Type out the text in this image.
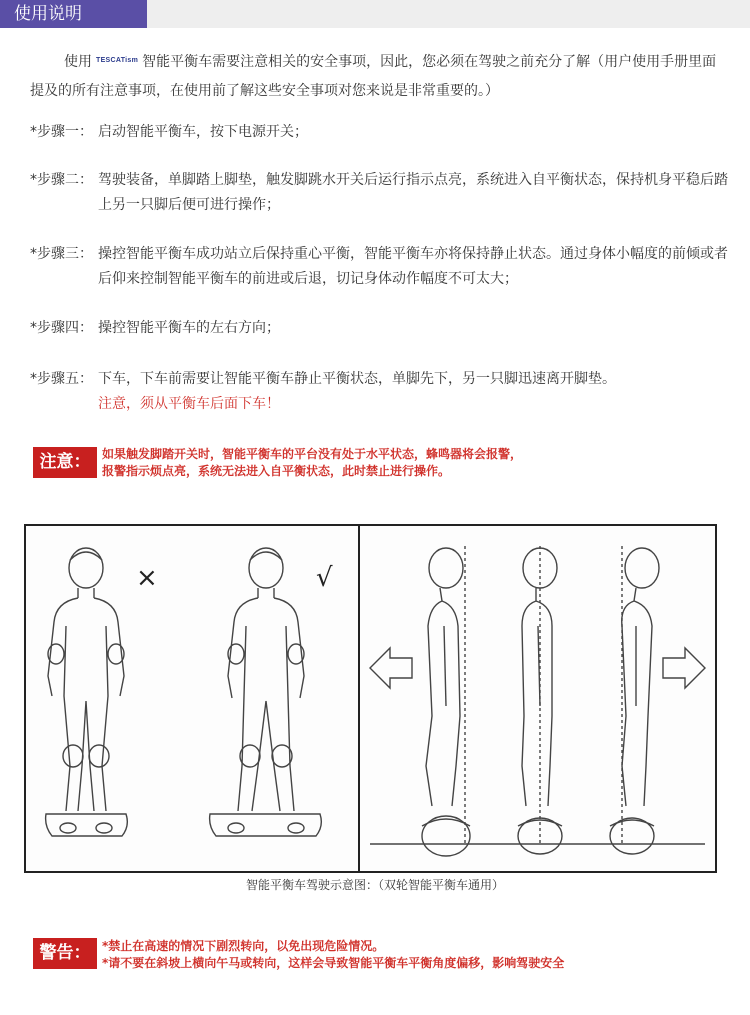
使用说明
使用 TESCATism 智能平衡车需要注意相关的安全事项，因此，您必须在驾驶之前充分了解（用户使用手册里面提及的所有注意事项，在使用前了解这些安全事项对您来说是非常重要的。）
*步骤一： 启动智能平衡车，按下电源开关；
*步骤二： 驾驶装备，单脚踏上脚垫，触发脚跳水开关后运行指示点亮，系统进入自平衡状态，保持机身平稳后踏上另一只脚后便可进行操作；
*步骤三： 操控智能平衡车成功站立后保持重心平衡，智能平衡车亦将保持静止状态。通过身体小幅度的前倾或者后仰来控制智能平衡车的前进或后退，切记身体动作幅度不可太大；
*步骤四： 操控智能平衡车的左右方向；
*步骤五： 下车，下车前需要让智能平衡车静止平衡状态，单脚先下，另一只脚迅速离开脚垫。
注意，须从平衡车后面下车！
注意： 如果触发脚踏开关时，智能平衡车的平台没有处于水平状态，蜂鸣器将会报警，
报警指示烦点亮，系统无法进入自平衡状态，此时禁止进行操作。
×	√
智能平衡车驾驶示意图：（双轮智能平衡车通用）
警告： *禁止在高速的情况下剧烈转向，以免出现危险情况。
*请不要在斜坡上横向午马或转向，这样会导致智能平衡车平衡角度偏移，影响驾驶安全
